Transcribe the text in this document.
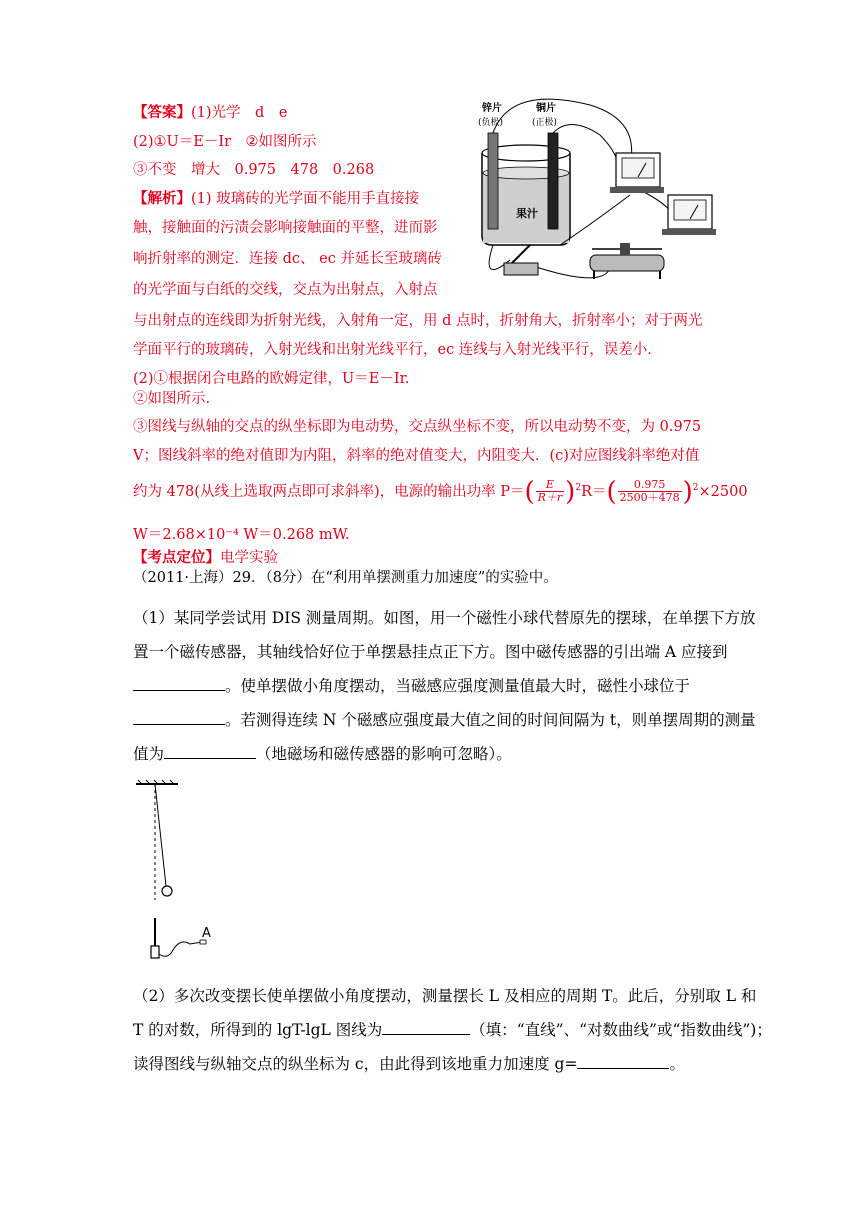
【答案】(1)光学　d　e
(2)①U＝E－Ir　②如图所示
③不变　增大　0.975　478　0.268
【解析】(1) 玻璃砖的光学面不能用手直接接
触，接触面的污渍会影响接触面的平整，进而影
响折射率的测定．连接 dc、 ec 并延长至玻璃砖
的光学面与白纸的交线，交点为出射点，入射点
与出射点的连线即为折射光线，入射角一定，用 d 点时，折射角大，折射率小；对于两光
学面平行的玻璃砖，入射光线和出射光线平行，ec 连线与入射光线平行，误差小．
(2)①根据闭合电路的欧姆定律，U＝E－Ir.
②如图所示.
③图线与纵轴的交点的纵坐标即为电动势，交点纵坐标不变，所以电动势不变，为 0.975
V；图线斜率的绝对值即为内阻，斜率的绝对值变大，内阻变大．(c)对应图线斜率绝对值
约为 478(从线上选取两点即可求斜率)，电源的输出功率 $P=( \frac{E}{R+r} )^2R=( \frac{0.975}{2500+478} )^2\times 2500$
W＝2.68×10⁻⁴ W＝0.268 mW.
【考点定位】电学实验
（2011·上海）29．（8分）在“利用单摆测重力加速度”的实验中。
（1）某同学尝试用 DIS 测量周期。如图，用一个磁性小球代替原先的摆球，在单摆下方放
置一个磁传感器，其轴线恰好位于单摆悬挂点正下方。图中磁传感器的引出端 A 应接到
。使单摆做小角度摆动，当磁感应强度测量值最大时，磁性小球位于
。若测得连续 N 个磁感应强度最大值之间的时间间隔为 t，则单摆周期的测量
值为	（地磁场和磁传感器的影响可忽略）。
（2）多次改变摆长使单摆做小角度摆动，测量摆长 L 及相应的周期 T。此后，分别取 L 和
T 的对数，所得到的 lgT-lgL 图线为	（填：“直线”、“对数曲线”或“指数曲线”)；
读得图线与纵轴交点的纵坐标为 c，由此得到该地重力加速度 g=	。
锌片
(负极)
铜片
(正极)
果汁
A
